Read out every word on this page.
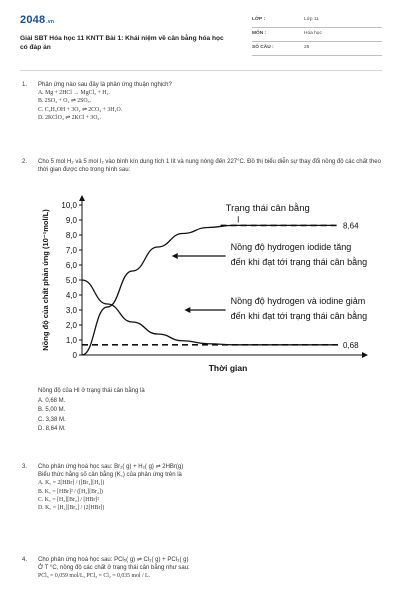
2048.vn
Giải SBT Hóa học 11 KNTT Bài 1: Khái niệm về cân bằng hóa học có đáp án
LỚP :	Lớp 11
MÔN :	Hóa học
SỐ CÂU :	25
1. Phản ứng nào sau đây là phản ứng thuận nghịch?
A. Mg + 2HCl → MgCl₂ + H₂.
B. 2SO₂ + O₂ ⇌ 2SO₃.
C. C₂H₅OH + 3O₂ ⇌ 2CO₂ + 3H₂O.
D. 2KClO₃ ⇌ 2KCl + 3O₂.
2. Cho 5 mol H₂ và 5 mol I₂ vào bình kín dung tích 1 lít và nung nóng đến 227°C. Đồ thị biểu diễn sự thay đổi nồng độ các chất theo thời gian được cho trong hình sau:
0
1,0
2,0
3,0
4,0
5,0
6,0
7,0
8,0
9,0
10,0
Nồng độ của chất phản ứng (10⁻¹mol/L)
Thời gian
8,64
0,68
Trạng thái cân bằng
Nồng độ hydrogen iodide tăng
đến khi đạt tới trạng thái cân bằng
Nồng độ hydrogen và iodine giảm
đến khi đạt tới trạng thái cân bằng
Nồng độ của HI ở trạng thái cân bằng là
A. 0,68 M.
B. 5,00 M.
C. 3,38 M.
D. 8,64 M.
3. Cho phản ứng hoá học sau: Br₂( g) + H₂( g) ⇌ 2HBr(g)
Biểu thức hằng số cân bằng (K꜀) của phản ứng trên là
A. K꜀ = 2[HBr] / ([Br₂][H₂])
B. K꜀ = [HBr]² / ([H₂][Br₂])
C. K꜀ = [H₂][Br₂] / [HBr]²
D. K꜀ = [H₂][Br₂] / (2[HBr])
4. Cho phản ứng hoá học sau: PCl₅( g) ⇌ Cl₂( g) + PCl₃( g)
Ở T °C, nồng độ các chất ở trạng thái cân bằng như sau:
PCl₅ = 0,059 mol/L, PCl₃ = Cl₂ = 0,035 mol / L.
